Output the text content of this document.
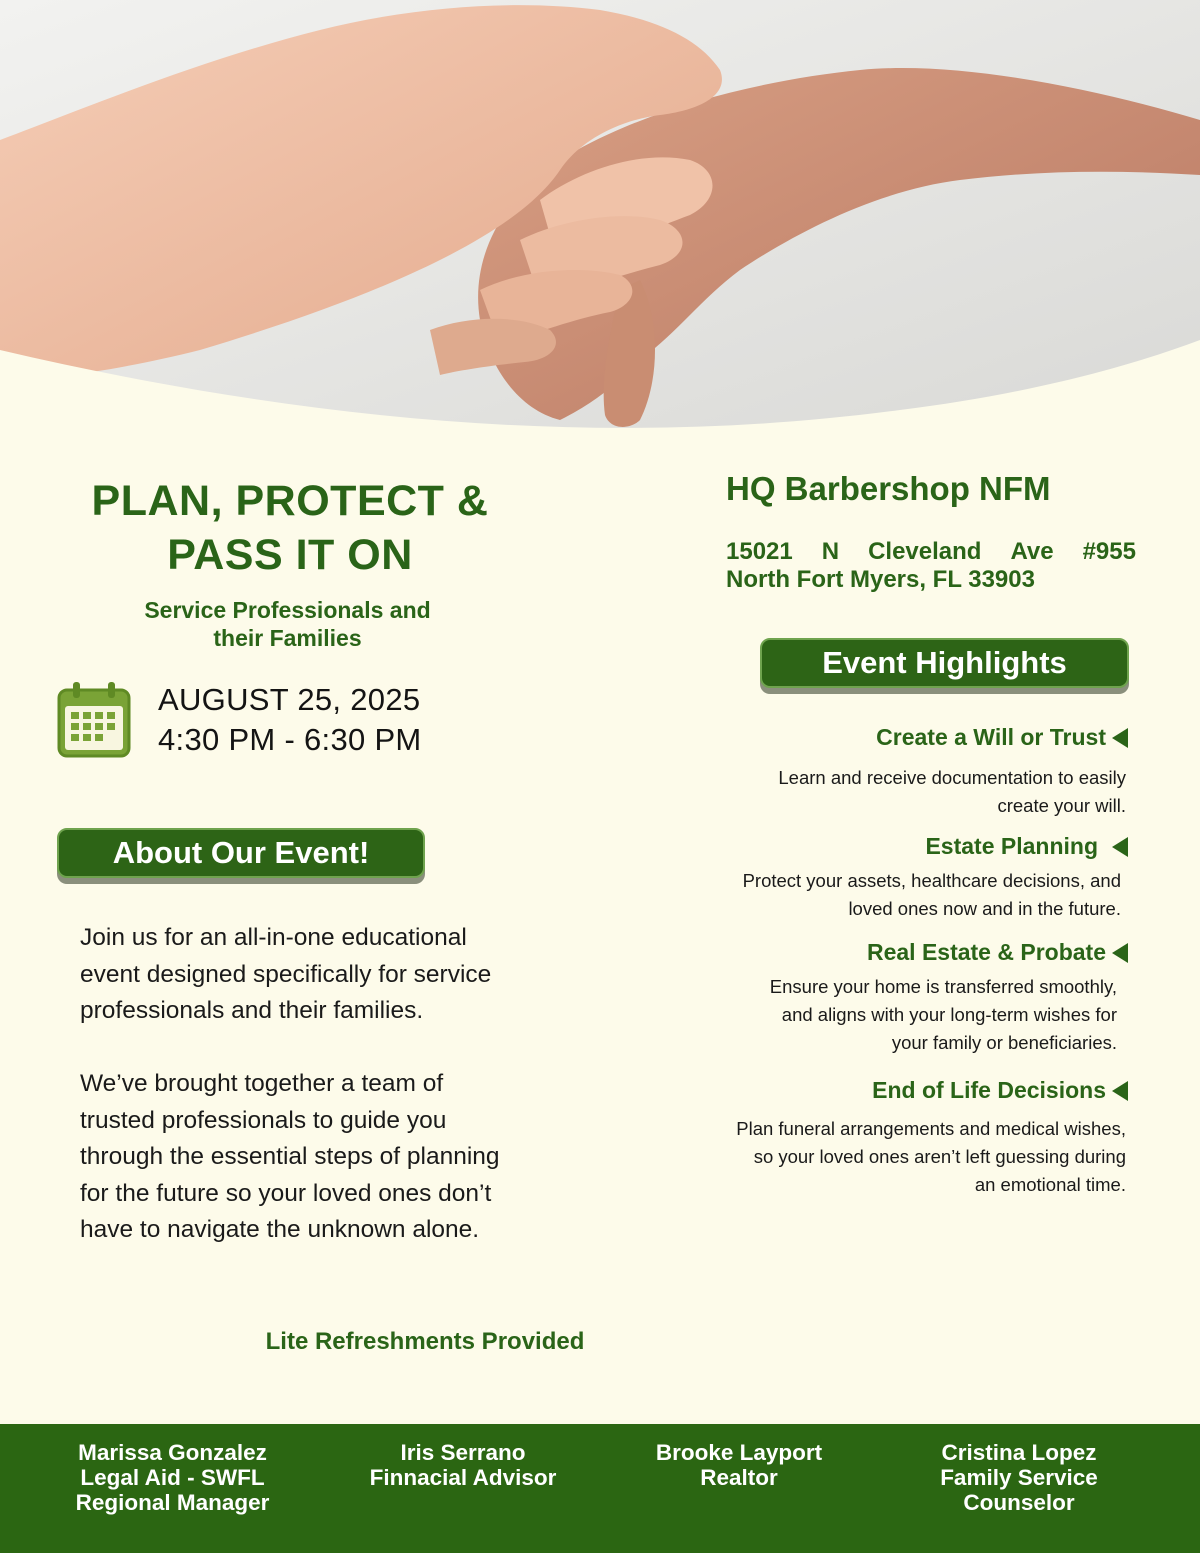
PLAN, PROTECT &
PASS IT ON
Service Professionals and
their Families
AUGUST 25, 2025
4:30 PM - 6:30 PM
About Our Event!
Join us for an all-in-one educational
event designed specifically for service
professionals and their families.
We’ve brought together a team of
trusted professionals to guide you
through the essential steps of planning
for the future so your loved ones don’t
have to navigate the unknown alone.
Lite Refreshments Provided
HQ Barbershop NFM
15021 N Cleveland Ave #955
North Fort Myers, FL 33903
Event Highlights
Create a Will or Trust
Learn and receive documentation to easily
create your will.
Estate Planning
Protect your assets, healthcare decisions, and
loved ones now and in the future.
Real Estate & Probate
Ensure your home is transferred smoothly,
and aligns with your long-term wishes for
your family or beneficiaries.
End of Life Decisions
Plan funeral arrangements and medical wishes,
so your loved ones aren’t left guessing during
an emotional time.
Marissa Gonzalez
Legal Aid - SWFL
Regional Manager
Iris Serrano
Finnacial Advisor
Brooke Layport
Realtor
Cristina Lopez
Family Service
Counselor
